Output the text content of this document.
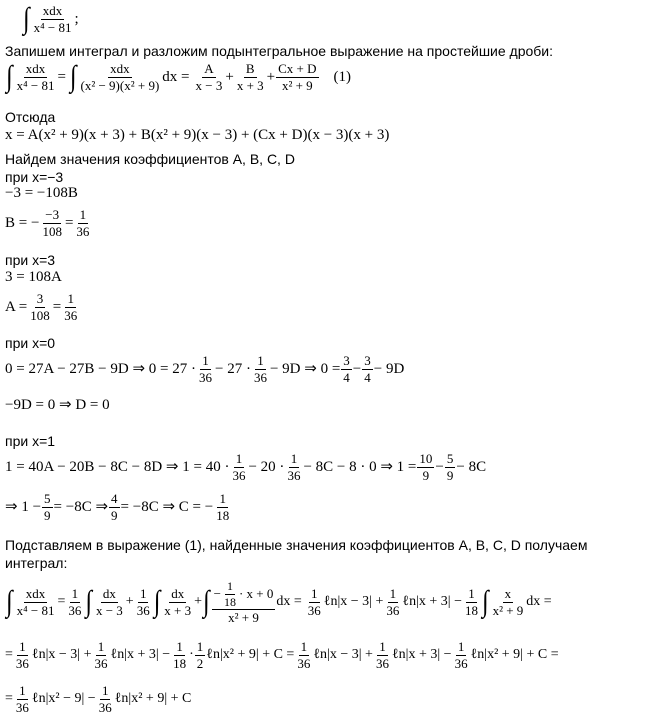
∫ xdx
x⁴ − 81
;
Запишем интеграл и разложим подынтегральное выражение на простейшие дроби:
∫ xdx
x⁴ − 81
= ∫	xdx
(x² − 9)(x² + 9)
dx =
A
x − 3
+ $\frac{B}{x + 3} + \frac{Cx + D}{\text{x² + 9}} (1)$
Отсюда
x = A(x² + 9)(x + 3) + B(x² + 9)(x − 3) + (Cx + D)(x − 3)(x + 3)
Найдем значения коэффициентов A, B, C, D
при x=−3
−3 = −108B
B = − $\frac{-3}{108} = \frac{1}{36}$
при x=3
3 = 108A
$A = \frac{3}{108} = \frac{1}{36}$
при x=0
0 = 27A − 27B − 9D ⇒ 0 = 27 ·
1
36
− 27 ·
1
36
− 9D ⇒ $0 = \frac{3}{4} - \frac{3}{4} - 9D$
−9D = 0 ⇒ D = 0
при x=1
1 = 40A − 20B − 8C − 8D ⇒ 1 = 40 ·
1
36
− 20 ·
1
36
− 8C − 8 · 0 ⇒ $1 = \frac{10}{9} - \frac{5}{9} - 8C$
⇒ $1 - \frac{5}{9} = -8C$ ⇒ $\frac{4}{9} = -8C$ ⇒ C = − $\frac{1}{18}$
Подставляем в выражение (1), найденные значения коэффициентов A, B, C, D получаем
интеграл:
∫ xdx
x⁴ − 81
= $\frac{1}{36}$ ∫ dx
x − 3
+ $\frac{1}{36}$ ∫ dx
x + 3
+ ∫ − $\frac{1}{18} \cdot x + 0$
x² + 9
dx =
1
36
ℓn|x − $3| + \frac{1}{36}$ ℓn|x + $3| - \frac{1}{18}$ ∫ x
x² + 9
dx =
= $\frac{1}{36}$ ℓn|x − $3| + \frac{1}{36}$ ℓn|x + $3| - \frac{1}{18}$ ·
1
2
ℓn|x² + $9| + C = \frac{1}{36}$ ℓn|x − $3| + \frac{1}{36}$ ℓn|x + $3| - \frac{1}{36}$ ℓn|x² + 9| + C =
= $\frac{1}{36}$ ℓn|x² − $9| - \frac{1}{36}$ ℓn|x² + 9| + C
